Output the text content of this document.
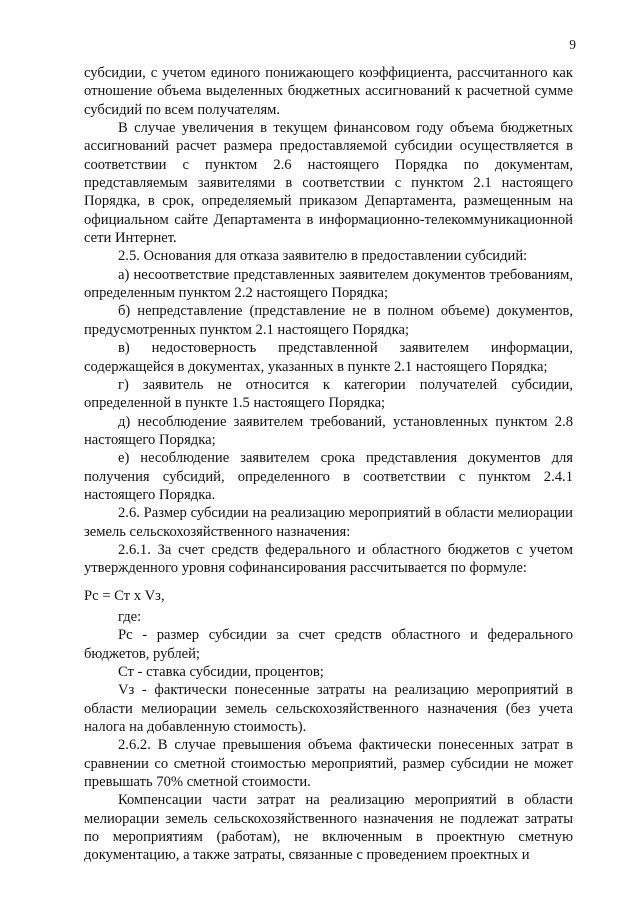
9

субсидии, с учетом единого понижающего коэффициента, рассчитанного как отношение объема выделенных бюджетных ассигнований к расчетной сумме субсидий по всем получателям.

В случае увеличения в текущем финансовом году объема бюджетных ассигнований расчет размера предоставляемой субсидии осуществляется в соответствии с пунктом 2.6 настоящего Порядка по документам, представляемым заявителями в соответствии с пунктом 2.1 настоящего Порядка, в срок, определяемый приказом Департамента, размещенным на официальном сайте Департамента в информационно-телекоммуникационной сети Интернет.

2.5. Основания для отказа заявителю в предоставлении субсидий:

а) несоответствие представленных заявителем документов требованиям, определенным пунктом 2.2 настоящего Порядка;

б) непредставление (представление не в полном объеме) документов, предусмотренных пунктом 2.1 настоящего Порядка;

в) недостоверность представленной заявителем информации, содержащейся в документах, указанных в пункте 2.1 настоящего Порядка;

г) заявитель не относится к категории получателей субсидии, определенной в пункте 1.5 настоящего Порядка;

д) несоблюдение заявителем требований, установленных пунктом 2.8 настоящего Порядка;

е) несоблюдение заявителем срока представления документов для получения субсидий, определенного в соответствии с пунктом 2.4.1 настоящего Порядка.

2.6. Размер субсидии на реализацию мероприятий в области мелиорации земель сельскохозяйственного назначения:

2.6.1. За счет средств федерального и областного бюджетов с учетом утвержденного уровня софинансирования рассчитывается по формуле:

Рс = Ст х Vз,

где:

Рс - размер субсидии за счет средств областного и федерального бюджетов, рублей;

Ст - ставка субсидии, процентов;

Vз - фактически понесенные затраты на реализацию мероприятий в области мелиорации земель сельскохозяйственного назначения (без учета налога на добавленную стоимость).

2.6.2. В случае превышения объема фактически понесенных затрат в сравнении со сметной стоимостью мероприятий, размер субсидии не может превышать 70% сметной стоимости.

Компенсации части затрат на реализацию мероприятий в области мелиорации земель сельскохозяйственного назначения не подлежат затраты по мероприятиям (работам), не включенным в проектную сметную документацию, а также затраты, связанные с проведением проектных и
